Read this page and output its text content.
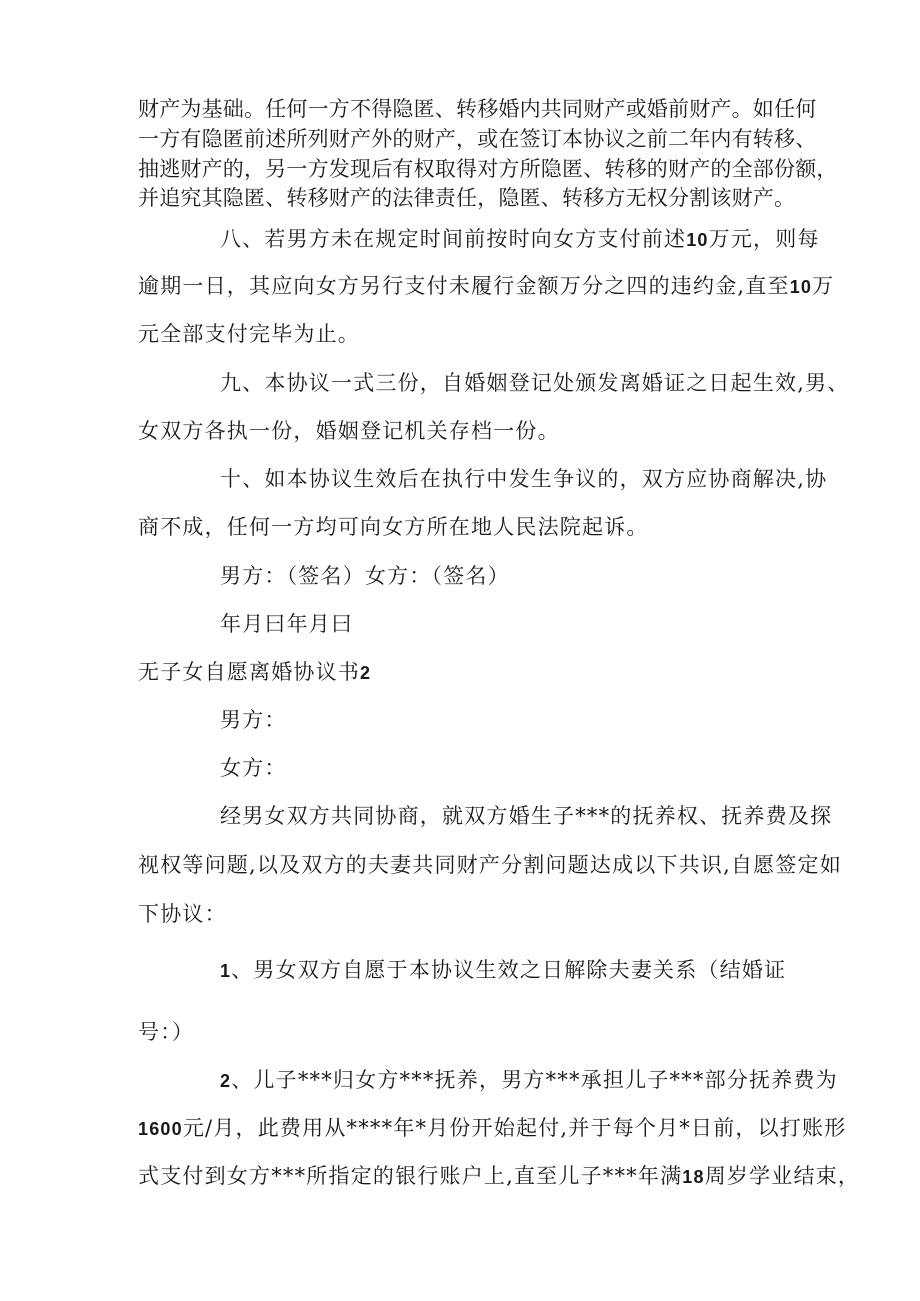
财产为基础。任何一方不得隐匿、转移婚内共同财产或婚前财产。如任何
一方有隐匿前述所列财产外的财产，或在签订本协议之前二年内有转移、
抽逃财产的，另一方发现后有权取得对方所隐匿、转移的财产的全部份额，
并追究其隐匿、转移财产的法律责任，隐匿、转移方无权分割该财产。
八、若男方未在规定时间前按时向女方支付前述10万元，则每
逾期一日，其应向女方另行支付未履行金额万分之四的违约金,直至10万
元全部支付完毕为止。
九、本协议一式三份，自婚姻登记处颁发离婚证之日起生效,男、
女双方各执一份，婚姻登记机关存档一份。
十、如本协议生效后在执行中发生争议的，双方应协商解决,协
商不成，任何一方均可向女方所在地人民法院起诉。
男方：（签名）女方：（签名）
年月曰年月曰
无子女自愿离婚协议书2
男方：
女方：
经男女双方共同协商，就双方婚生子***的抚养权、抚养费及探
视权等问题,以及双方的夫妻共同财产分割问题达成以下共识,自愿签定如
下协议：
1、男女双方自愿于本协议生效之日解除夫妻关系（结婚证
号：）
2、儿子***归女方***抚养，男方***承担儿子***部分抚养费为
1600元/月，此费用从****年*月份开始起付,并于每个月*日前，以打账形
式支付到女方***所指定的银行账户上,直至儿子***年满18周岁学业结束，
